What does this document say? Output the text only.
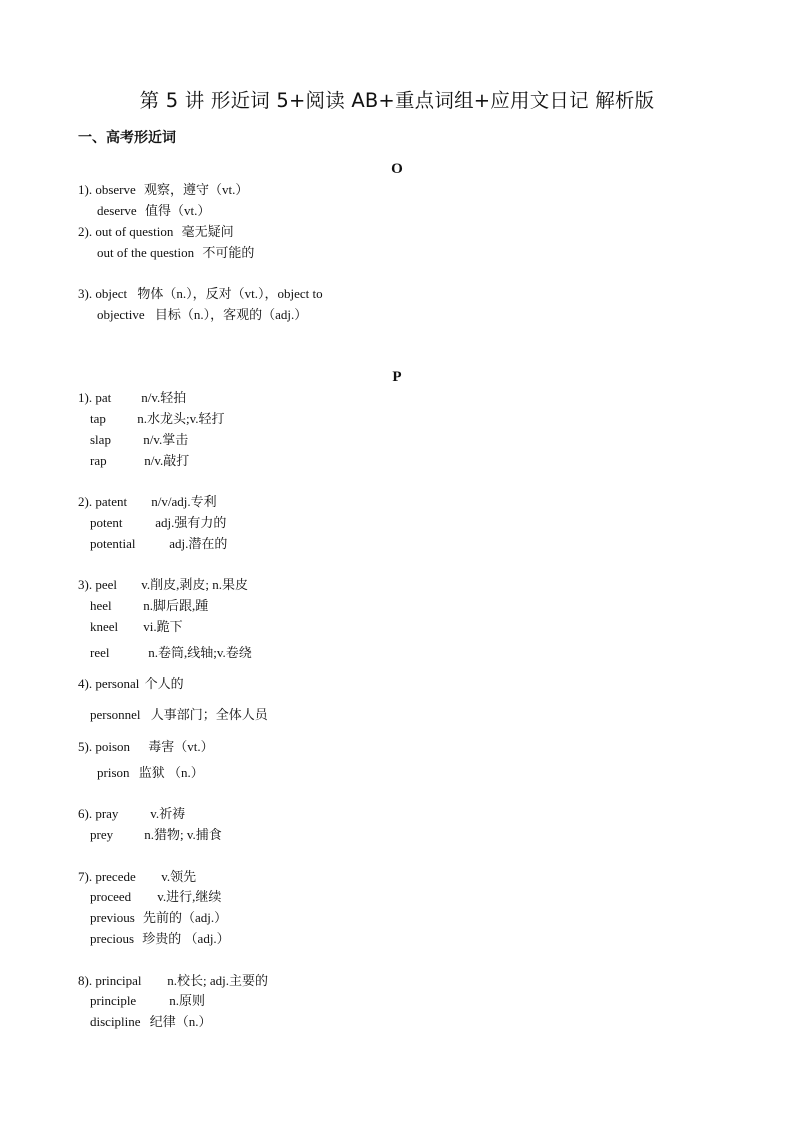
第 5 讲 形近词 5+阅读 AB+重点词组+应用文日记 解析版
一、高考形近词
O
1). observe 观察，遵守（vt.）
deserve 值得（vt.）
2). out of question 毫无疑问
out of the question 不可能的
3). object 物体（n.），反对（vt.），object to
objective 目标（n.），客观的（adj.）
P
1). pat n/v.轻拍
tap n.水龙头;v.轻打
slap n/v.掌击
rap	n/v.敲打
2). patent n/v/adj.专利
potent	adj.强有力的
potential	adj.潜在的
3). peel v.削皮,剥皮; n.果皮
heel n.脚后跟,踵
kneel vi.跪下
reel	n.卷筒,线轴;v.卷绕
4). personal 个人的
personnel 人事部门；全体人员
5). poison 毒害（vt.）
prison 监狱 （n.）
6). pray v.祈祷
prey n.猎物; v.捕食
7). precede v.领先
proceed v.进行,继续
previous 先前的（adj.）
precious 珍贵的 （adj.）
8). principal n.校长; adj.主要的
principle	n.原则
discipline 纪律（n.）
